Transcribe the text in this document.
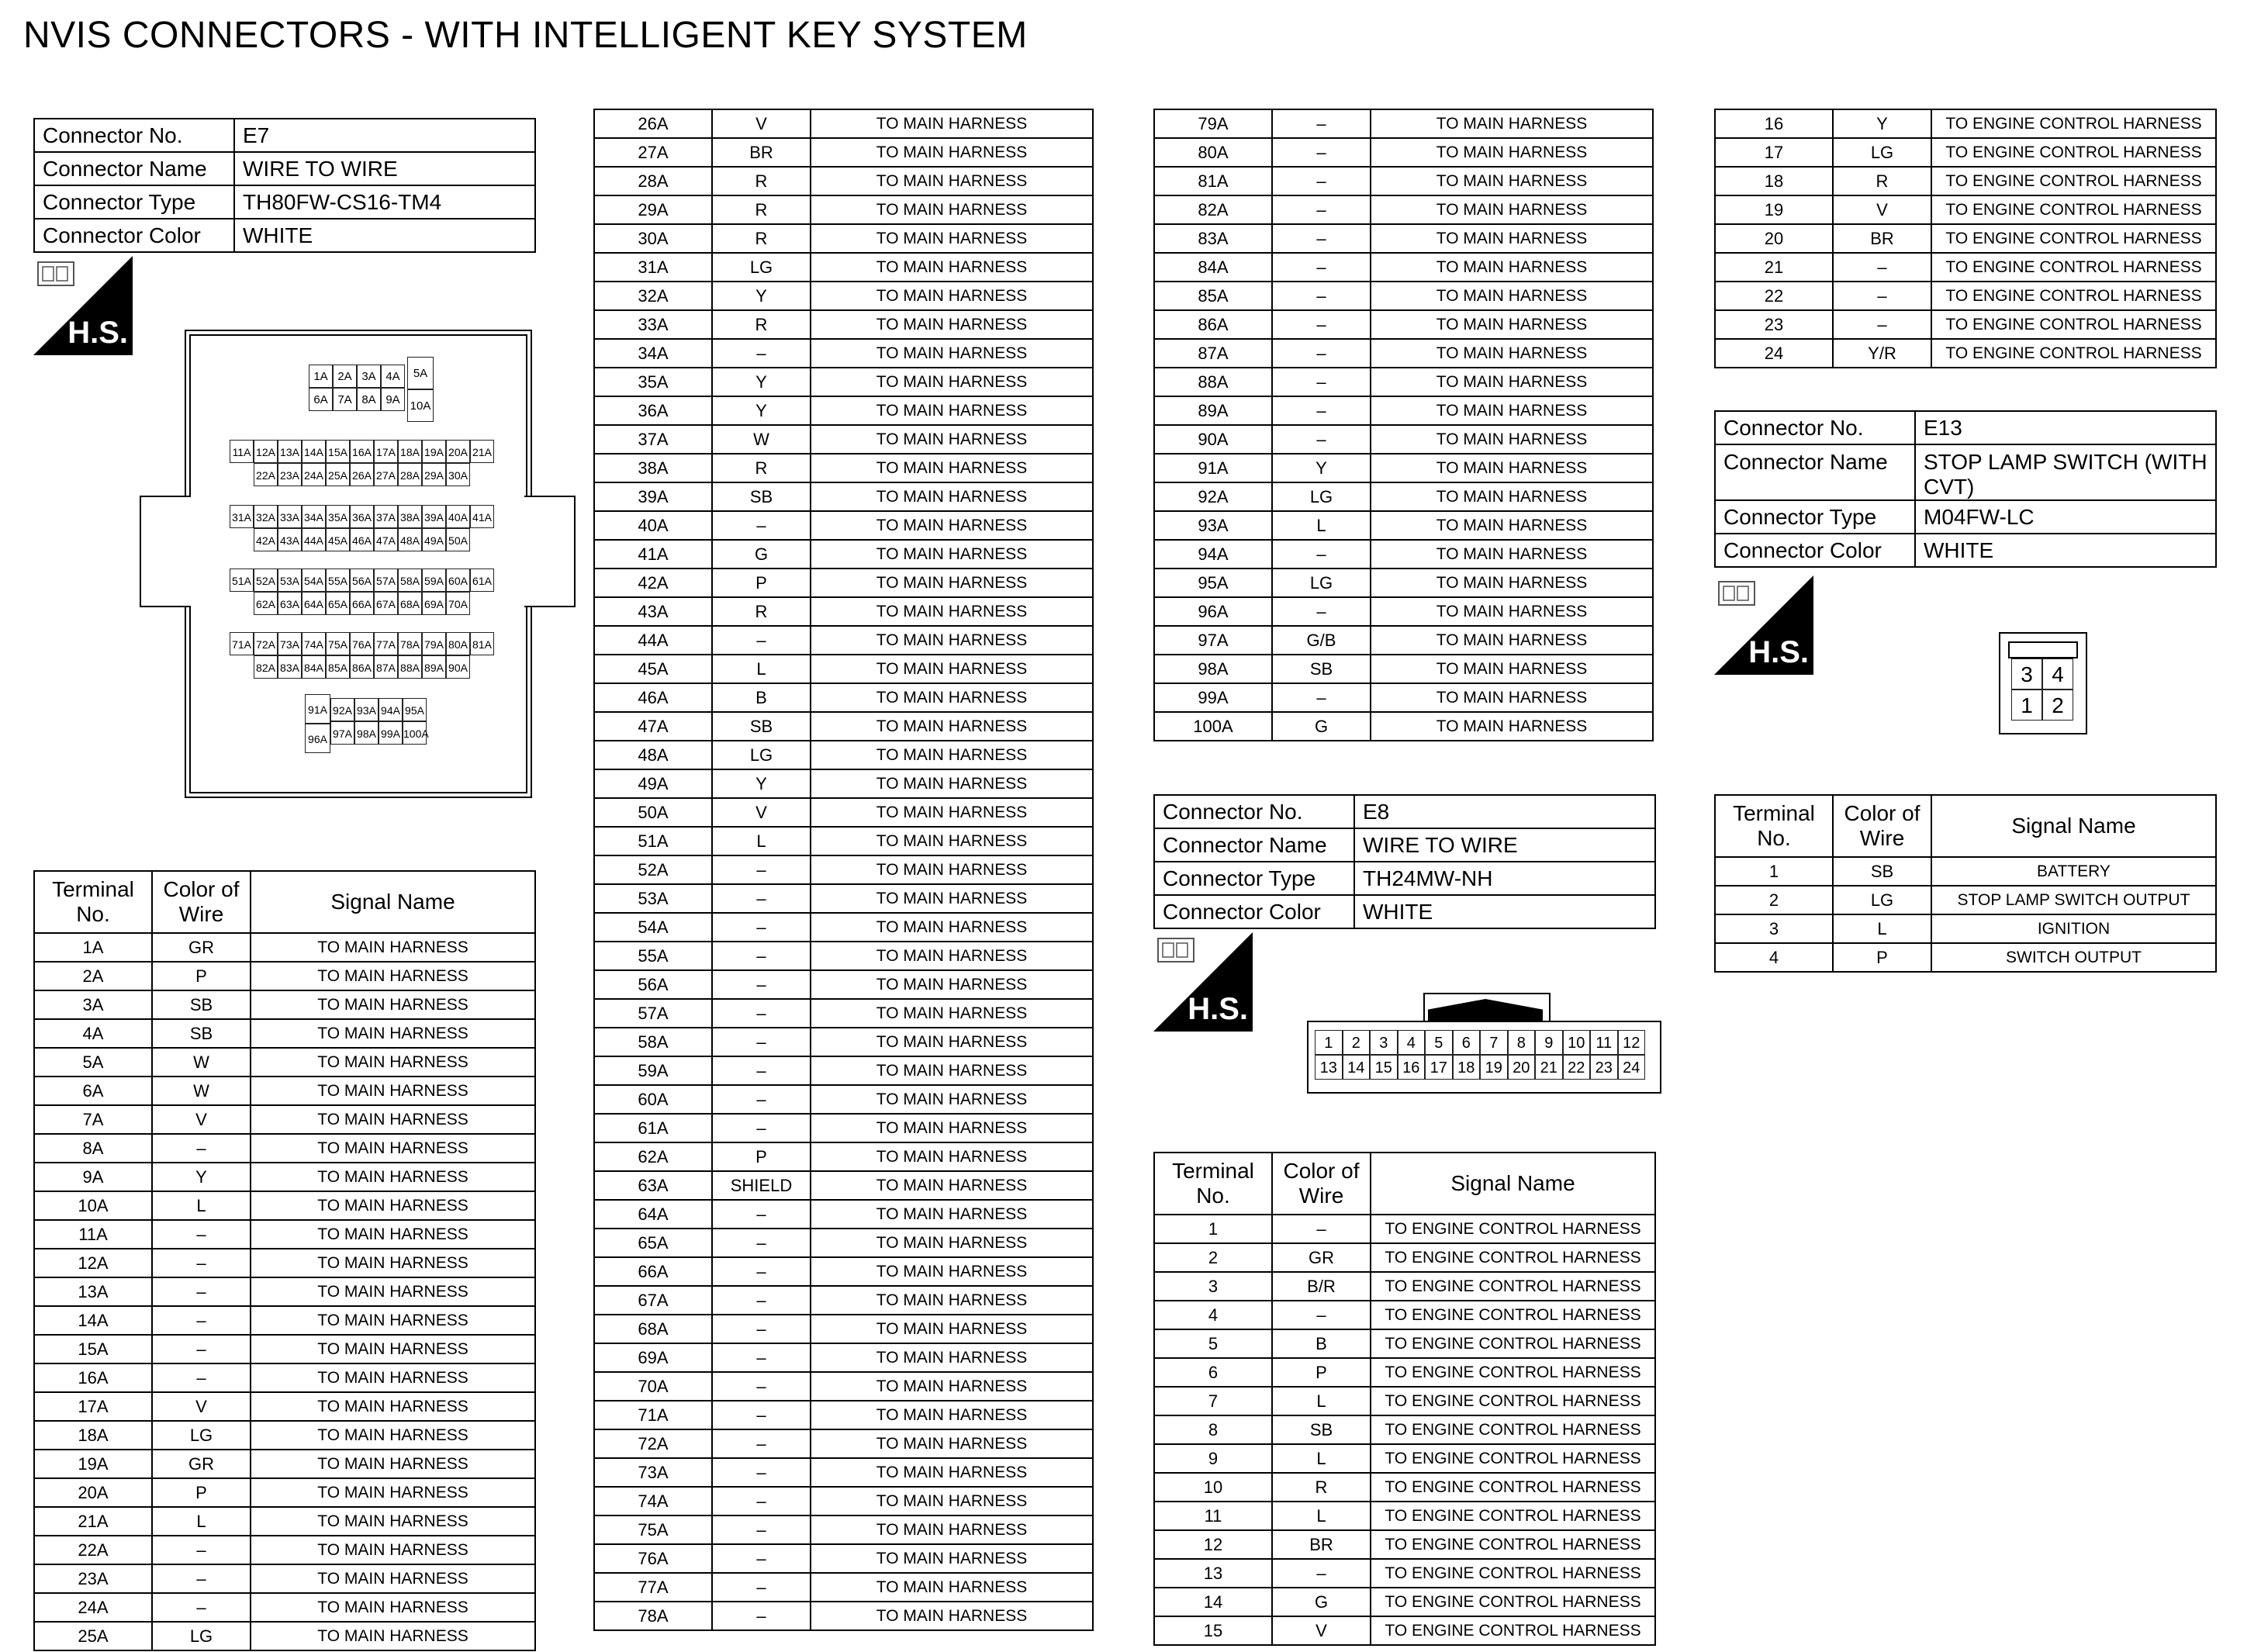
NVIS CONNECTORS - WITH INTELLIGENT KEY SYSTEM
Connector No.	E7
Connector Name	WIRE TO WIRE
Connector Type	TH80FW-CS16-TM4
Connector Color	WHITE
H.S.
1A 2A 3A 4A
6A 7A 8A 9A
5A
10A
11A 12A 13A 14A 15A 16A 17A 18A 19A 20A 21A
22A 23A 24A 25A 26A 27A 28A 29A 30A
31A 32A 33A 34A 35A 36A 37A 38A 39A 40A 41A
42A 43A 44A 45A 46A 47A 48A 49A 50A
51A 52A 53A 54A 55A 56A 57A 58A 59A 60A 61A
62A 63A 64A 65A 66A 67A 68A 69A 70A
71A 72A 73A 74A 75A 76A 77A 78A 79A 80A 81A
82A 83A 84A 85A 86A 87A 88A 89A 90A
91A
96A
92A 93A 94A 95A
97A 98A 99A 100A
Terminal No.	Color of Wire	Signal Name
1A	GR	TO MAIN HARNESS
2A	P	TO MAIN HARNESS
3A	SB	TO MAIN HARNESS
4A	SB	TO MAIN HARNESS
5A	W	TO MAIN HARNESS
6A	W	TO MAIN HARNESS
7A	V	TO MAIN HARNESS
8A	–	TO MAIN HARNESS
9A	Y	TO MAIN HARNESS
10A	L	TO MAIN HARNESS
11A	–	TO MAIN HARNESS
12A	–	TO MAIN HARNESS
13A	–	TO MAIN HARNESS
14A	–	TO MAIN HARNESS
15A	–	TO MAIN HARNESS
16A	–	TO MAIN HARNESS
17A	V	TO MAIN HARNESS
18A	LG	TO MAIN HARNESS
19A	GR	TO MAIN HARNESS
20A	P	TO MAIN HARNESS
21A	L	TO MAIN HARNESS
22A	–	TO MAIN HARNESS
23A	–	TO MAIN HARNESS
24A	–	TO MAIN HARNESS
25A	LG	TO MAIN HARNESS
26A	V	TO MAIN HARNESS
27A	BR	TO MAIN HARNESS
28A	R	TO MAIN HARNESS
29A	R	TO MAIN HARNESS
30A	R	TO MAIN HARNESS
31A	LG	TO MAIN HARNESS
32A	Y	TO MAIN HARNESS
33A	R	TO MAIN HARNESS
34A	–	TO MAIN HARNESS
35A	Y	TO MAIN HARNESS
36A	Y	TO MAIN HARNESS
37A	W	TO MAIN HARNESS
38A	R	TO MAIN HARNESS
39A	SB	TO MAIN HARNESS
40A	–	TO MAIN HARNESS
41A	G	TO MAIN HARNESS
42A	P	TO MAIN HARNESS
43A	R	TO MAIN HARNESS
44A	–	TO MAIN HARNESS
45A	L	TO MAIN HARNESS
46A	B	TO MAIN HARNESS
47A	SB	TO MAIN HARNESS
48A	LG	TO MAIN HARNESS
49A	Y	TO MAIN HARNESS
50A	V	TO MAIN HARNESS
51A	L	TO MAIN HARNESS
52A	–	TO MAIN HARNESS
53A	–	TO MAIN HARNESS
54A	–	TO MAIN HARNESS
55A	–	TO MAIN HARNESS
56A	–	TO MAIN HARNESS
57A	–	TO MAIN HARNESS
58A	–	TO MAIN HARNESS
59A	–	TO MAIN HARNESS
60A	–	TO MAIN HARNESS
61A	–	TO MAIN HARNESS
62A	P	TO MAIN HARNESS
63A	SHIELD	TO MAIN HARNESS
64A	–	TO MAIN HARNESS
65A	–	TO MAIN HARNESS
66A	–	TO MAIN HARNESS
67A	–	TO MAIN HARNESS
68A	–	TO MAIN HARNESS
69A	–	TO MAIN HARNESS
70A	–	TO MAIN HARNESS
71A	–	TO MAIN HARNESS
72A	–	TO MAIN HARNESS
73A	–	TO MAIN HARNESS
74A	–	TO MAIN HARNESS
75A	–	TO MAIN HARNESS
76A	–	TO MAIN HARNESS
77A	–	TO MAIN HARNESS
78A	–	TO MAIN HARNESS
79A	–	TO MAIN HARNESS
80A	–	TO MAIN HARNESS
81A	–	TO MAIN HARNESS
82A	–	TO MAIN HARNESS
83A	–	TO MAIN HARNESS
84A	–	TO MAIN HARNESS
85A	–	TO MAIN HARNESS
86A	–	TO MAIN HARNESS
87A	–	TO MAIN HARNESS
88A	–	TO MAIN HARNESS
89A	–	TO MAIN HARNESS
90A	–	TO MAIN HARNESS
91A	Y	TO MAIN HARNESS
92A	LG	TO MAIN HARNESS
93A	L	TO MAIN HARNESS
94A	–	TO MAIN HARNESS
95A	LG	TO MAIN HARNESS
96A	–	TO MAIN HARNESS
97A	G/B	TO MAIN HARNESS
98A	SB	TO MAIN HARNESS
99A	–	TO MAIN HARNESS
100A	G	TO MAIN HARNESS
Connector No.	E8
Connector Name	WIRE TO WIRE
Connector Type	TH24MW-NH
Connector Color	WHITE
H.S.
1	2	3	4	5	6	7	8	9 10 11 12
13 14 15 16 17 18 19 20 21 22 23 24
Terminal No.	Color of Wire	Signal Name
1	–	TO ENGINE CONTROL HARNESS
2	GR	TO ENGINE CONTROL HARNESS
3	B/R	TO ENGINE CONTROL HARNESS
4	–	TO ENGINE CONTROL HARNESS
5	B	TO ENGINE CONTROL HARNESS
6	P	TO ENGINE CONTROL HARNESS
7	L	TO ENGINE CONTROL HARNESS
8	SB	TO ENGINE CONTROL HARNESS
9	L	TO ENGINE CONTROL HARNESS
10	R	TO ENGINE CONTROL HARNESS
11	L	TO ENGINE CONTROL HARNESS
12	BR	TO ENGINE CONTROL HARNESS
13	–	TO ENGINE CONTROL HARNESS
14	G	TO ENGINE CONTROL HARNESS
15	V	TO ENGINE CONTROL HARNESS
16	Y	TO ENGINE CONTROL HARNESS
17	LG	TO ENGINE CONTROL HARNESS
18	R	TO ENGINE CONTROL HARNESS
19	V	TO ENGINE CONTROL HARNESS
20	BR	TO ENGINE CONTROL HARNESS
21	–	TO ENGINE CONTROL HARNESS
22	–	TO ENGINE CONTROL HARNESS
23	–	TO ENGINE CONTROL HARNESS
24	Y/R	TO ENGINE CONTROL HARNESS
Connector No.	E13
Connector Name	STOP LAMP SWITCH (WITH CVT)
Connector Type	M04FW-LC
Connector Color	WHITE
H.S.
3 4
1 2
Terminal No.	Color of Wire	Signal Name
1	SB	BATTERY
2	LG	STOP LAMP SWITCH OUTPUT
3	L	IGNITION
4	P	SWITCH OUTPUT
